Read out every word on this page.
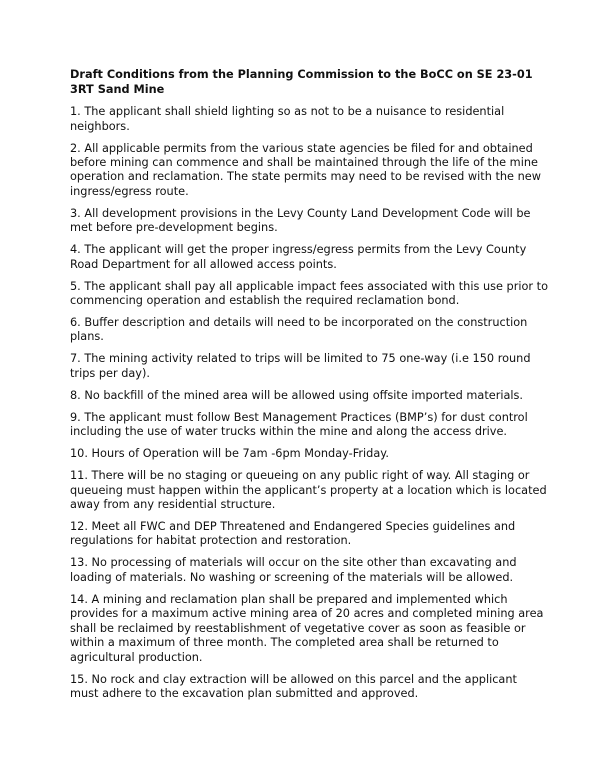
Draft Conditions from the Planning Commission to the BoCC on SE 23-01 3RT Sand Mine

1. The applicant shall shield lighting so as not to be a nuisance to residential neighbors.

2. All applicable permits from the various state agencies be filed for and obtained before mining can commence and shall be maintained through the life of the mine operation and reclamation. The state permits may need to be revised with the new ingress/egress route.

3. All development provisions in the Levy County Land Development Code will be met before pre-development begins.

4. The applicant will get the proper ingress/egress permits from the Levy County Road Department for all allowed access points.

5. The applicant shall pay all applicable impact fees associated with this use prior to commencing operation and establish the required reclamation bond.

6. Buffer description and details will need to be incorporated on the construction plans.

7. The mining activity related to trips will be limited to 75 one-way (i.e 150 round trips per day).

8. No backfill of the mined area will be allowed using offsite imported materials.

9. The applicant must follow Best Management Practices (BMP’s) for dust control including the use of water trucks within the mine and along the access drive.

10. Hours of Operation will be 7am -6pm Monday-Friday.

11. There will be no staging or queueing on any public right of way. All staging or queueing must happen within the applicant’s property at a location which is located away from any residential structure.

12. Meet all FWC and DEP Threatened and Endangered Species guidelines and regulations for habitat protection and restoration.

13. No processing of materials will occur on the site other than excavating and loading of materials. No washing or screening of the materials will be allowed.

14. A mining and reclamation plan shall be prepared and implemented which provides for a maximum active mining area of 20 acres and completed mining area shall be reclaimed by reestablishment of vegetative cover as soon as feasible or within a maximum of three month. The completed area shall be returned to agricultural production.

15. No rock and clay extraction will be allowed on this parcel and the applicant must adhere to the excavation plan submitted and approved.
